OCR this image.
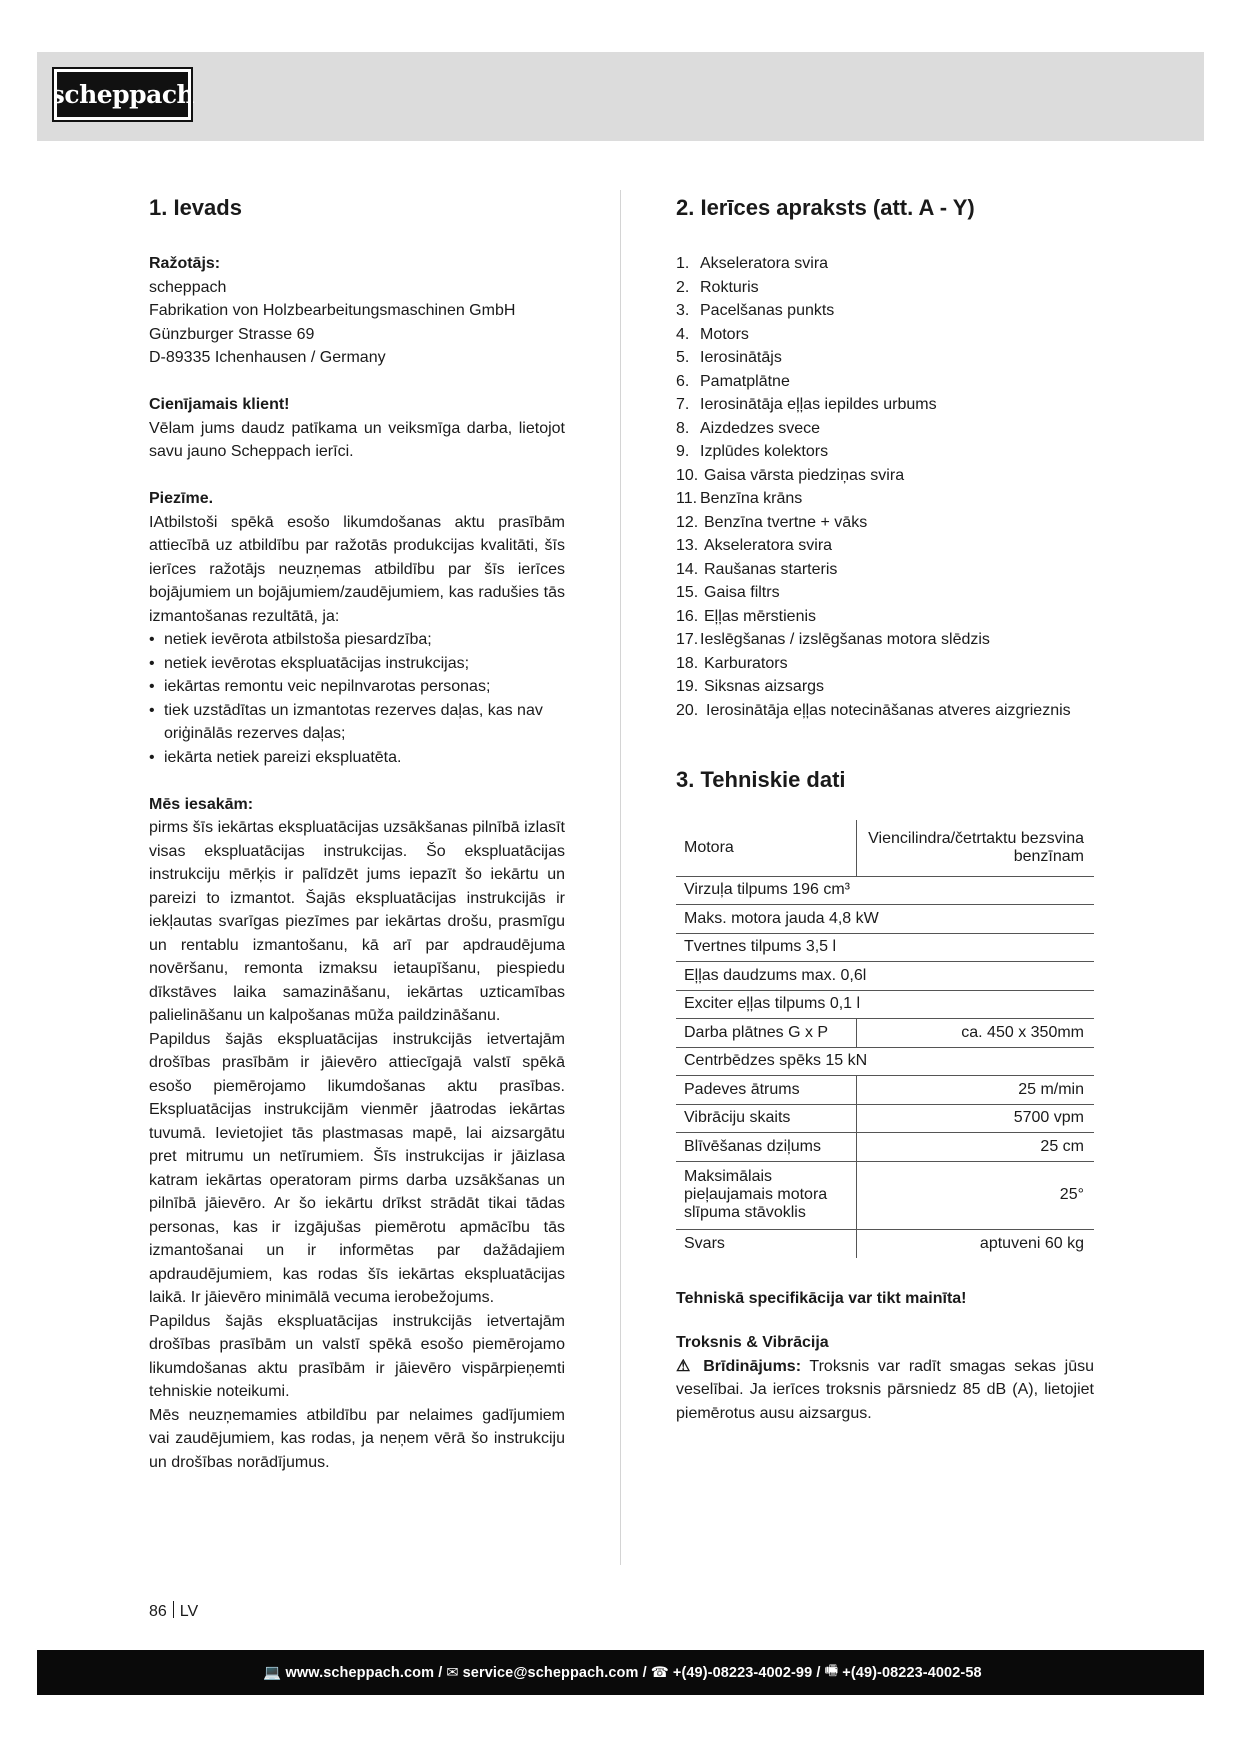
scheppach
1. Ievads
Ražotājs:
scheppach
Fabrikation von Holzbearbeitungsmaschinen GmbH
Günzburger Strasse 69
D-89335 Ichenhausen / Germany
Cienījamais klient!
Vēlam jums daudz patīkama un veiksmīga darba, lietojot savu jauno Scheppach ierīci.
Piezīme.
IAtbilstoši spēkā esošo likumdošanas aktu prasībām attiecībā uz atbildību par ražotās produkcijas kvalitāti, šīs ierīces ražotājs neuzņemas atbildību par šīs ierīces bojājumiem un bojājumiem/zaudējumiem, kas radušies tās izmantošanas rezultātā, ja:
• netiek ievērota atbilstoša piesardzība;
• netiek ievērotas ekspluatācijas instrukcijas;
• iekārtas remontu veic nepilnvarotas personas;
• tiek uzstādītas un izmantotas rezerves daļas, kas nav oriģinālās rezerves daļas;
• iekārta netiek pareizi ekspluatēta.
Mēs iesakām:
pirms šīs iekārtas ekspluatācijas uzsākšanas pilnībā izlasīt visas ekspluatācijas instrukcijas. Šo ekspluatācijas instrukciju mērķis ir palīdzēt jums iepazīt šo iekārtu un pareizi to izmantot. Šajās ekspluatācijas instrukcijās ir iekļautas svarīgas piezīmes par iekārtas drošu, prasmīgu un rentablu izmantošanu, kā arī par apdraudējuma novēršanu, remonta izmaksu ietaupīšanu, piespiedu dīkstāves laika samazināšanu, iekārtas uzticamības palielināšanu un kalpošanas mūža paildzināšanu.
Papildus šajās ekspluatācijas instrukcijās ietvertajām drošības prasībām ir jāievēro attiecīgajā valstī spēkā esošo piemērojamo likumdošanas aktu prasības. Ekspluatācijas instrukcijām vienmēr jāatrodas iekārtas tuvumā. Ievietojiet tās plastmasas mapē, lai aizsargātu pret mitrumu un netīrumiem. Šīs instrukcijas ir jāizlasa katram iekārtas operatoram pirms darba uzsākšanas un pilnībā jāievēro. Ar šo iekārtu drīkst strādāt tikai tādas personas, kas ir izgājušas piemērotu apmācību tās izmantošanai un ir informētas par dažādajiem apdraudējumiem, kas rodas šīs iekārtas ekspluatācijas laikā. Ir jāievēro minimālā vecuma ierobežojums.
Papildus šajās ekspluatācijas instrukcijās ietvertajām drošības prasībām un valstī spēkā esošo piemērojamo likumdošanas aktu prasībām ir jāievēro vispārpieņemti tehniskie noteikumi.
Mēs neuzņemamies atbildību par nelaimes gadījumiem vai zaudējumiem, kas rodas, ja neņem vērā šo instrukciju un drošības norādījumus.
2. Ierīces apraksts (att. A - Y)
1. Akseleratora svira
2. Rokturis
3. Pacelšanas punkts
4. Motors
5. Ierosinātājs
6. Pamatplātne
7. Ierosinātāja eļļas iepildes urbums
8. Aizdedzes svece
9. Izplūdes kolektors
10. Gaisa vārsta piedziņas svira
11. Benzīna krāns
12. Benzīna tvertne + vāks
13. Akseleratora svira
14. Raušanas starteris
15. Gaisa filtrs
16. Eļļas mērstienis
17. Ieslēgšanas / izslēgšanas motora slēdzis
18. Karburators
19. Siksnas aizsargs
20. Ierosinātāja eļļas notecināšanas atveres aizgrieznis
3. Tehniskie dati
Motora	Viencilindra/četrtaktu bezsvina benzīnam
Virzuļa tilpums 196 cm³	
Maks. motora jauda 4,8 kW	
Tvertnes tilpums 3,5 l	
Eļļas daudzums max. 0,6l	
Exciter eļļas tilpums 0,1 l	
Darba plātnes G x P	ca. 450 x 350mm
Centrbēdzes spēks 15 kN	
Padeves ātrums	25 m/min
Vibrāciju skaits	5700 vpm
Blīvēšanas dziļums	25 cm
Maksimālais pieļaujamais motora slīpuma stāvoklis	25°
Svars	aptuveni 60 kg
Tehniskā specifikācija var tikt mainīta!
Troksnis & Vibrācija
⚠ Brīdinājums: Troksnis var radīt smagas sekas jūsu veselībai. Ja ierīces troksnis pārsniedz 85 dB (A), lietojiet piemērotus ausu aizsargus.
86 LV
💻 www.scheppach.com / ✉ service@scheppach.com / ☎ +(49)-08223-4002-99 / 🖷 +(49)-08223-4002-58
